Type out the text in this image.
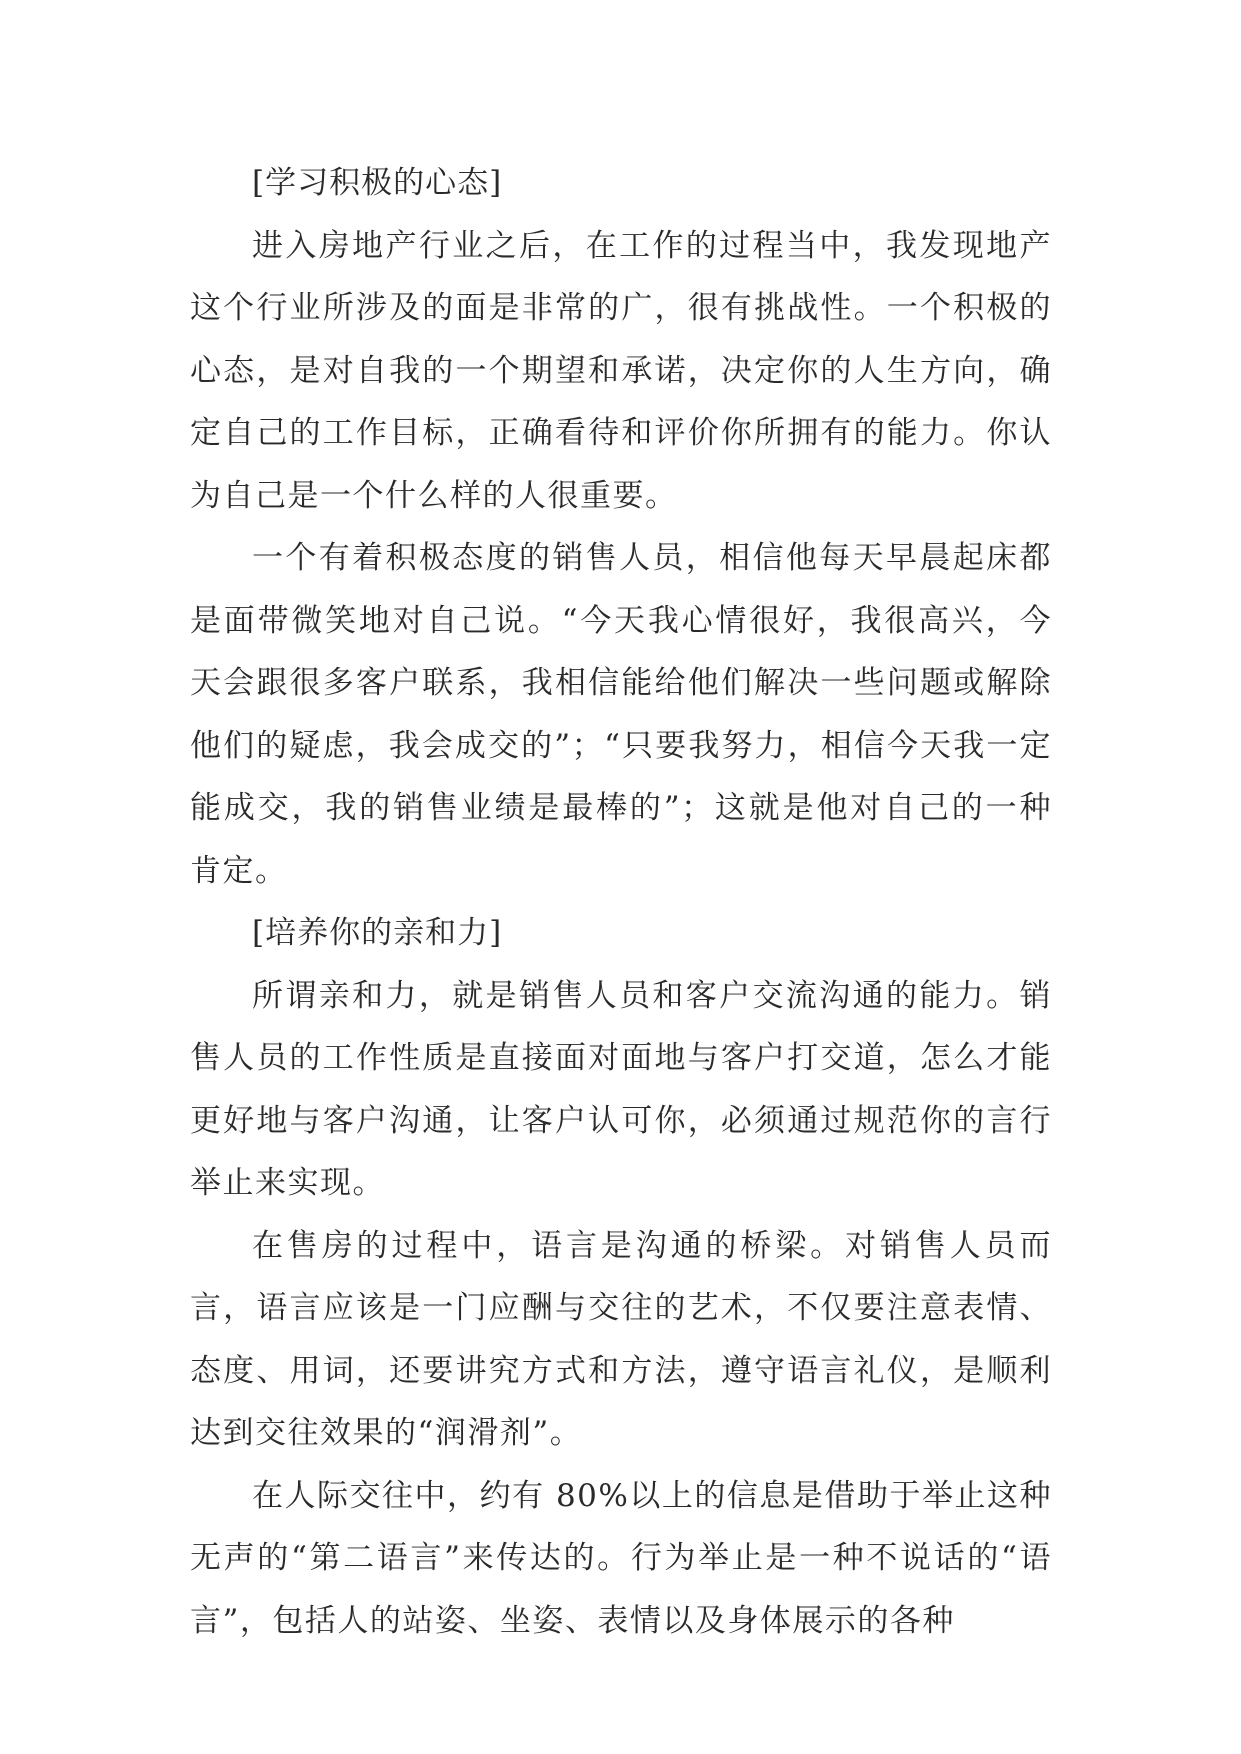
[学习积极的心态]

进入房地产行业之后，在工作的过程当中，我发现地产这个行业所涉及的面是非常的广，很有挑战性。一个积极的心态，是对自我的一个期望和承诺，决定你的人生方向，确定自己的工作目标，正确看待和评价你所拥有的能力。你认为自己是一个什么样的人很重要。

一个有着积极态度的销售人员，相信他每天早晨起床都是面带微笑地对自己说。“今天我心情很好，我很高兴，今天会跟很多客户联系，我相信能给他们解决一些问题或解除他们的疑虑，我会成交的”；“只要我努力，相信今天我一定能成交，我的销售业绩是最棒的”；这就是他对自己的一种肯定。

[培养你的亲和力]

所谓亲和力，就是销售人员和客户交流沟通的能力。销售人员的工作性质是直接面对面地与客户打交道，怎么才能更好地与客户沟通，让客户认可你，必须通过规范你的言行举止来实现。

在售房的过程中，语言是沟通的桥梁。对销售人员而言，语言应该是一门应酬与交往的艺术，不仅要注意表情、态度、用词，还要讲究方式和方法，遵守语言礼仪，是顺利达到交往效果的“润滑剂”。

在人际交往中，约有 80%以上的信息是借助于举止这种无声的“第二语言”来传达的。行为举止是一种不说话的“语言”，包括人的站姿、坐姿、表情以及身体展示的各种
